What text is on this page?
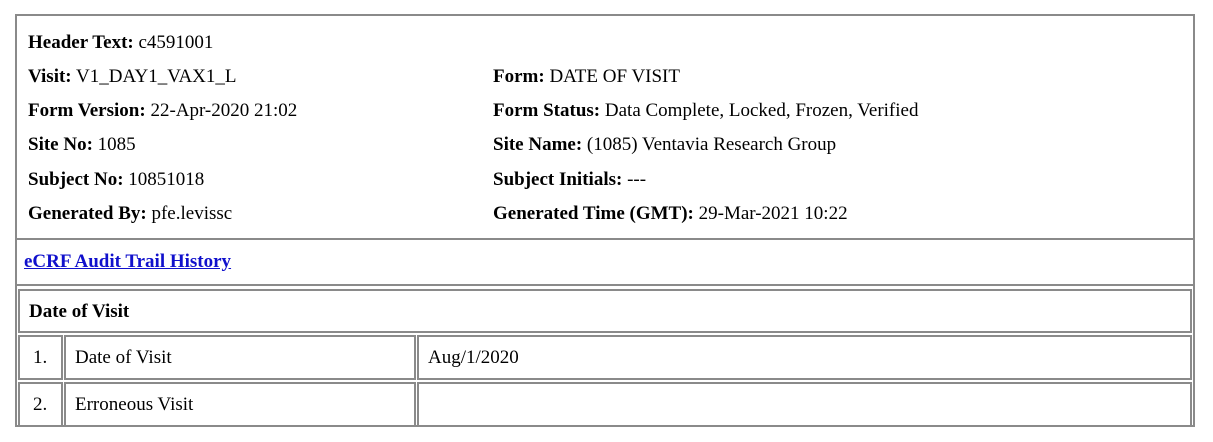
Header Text: c4591001
Visit: V1_DAY1_VAX1_L	Form: DATE OF VISIT
Form Version: 22-Apr-2020 21:02	Form Status: Data Complete, Locked, Frozen, Verified
Site No: 1085	Site Name: (1085) Ventavia Research Group
Subject No: 10851018	Subject Initials: ---
Generated By: pfe.levissc	Generated Time (GMT): 29-Mar-2021 10:22
eCRF Audit Trail History
Date of Visit
1. Date of Visit	Aug/1/2020
2. Erroneous Visit
